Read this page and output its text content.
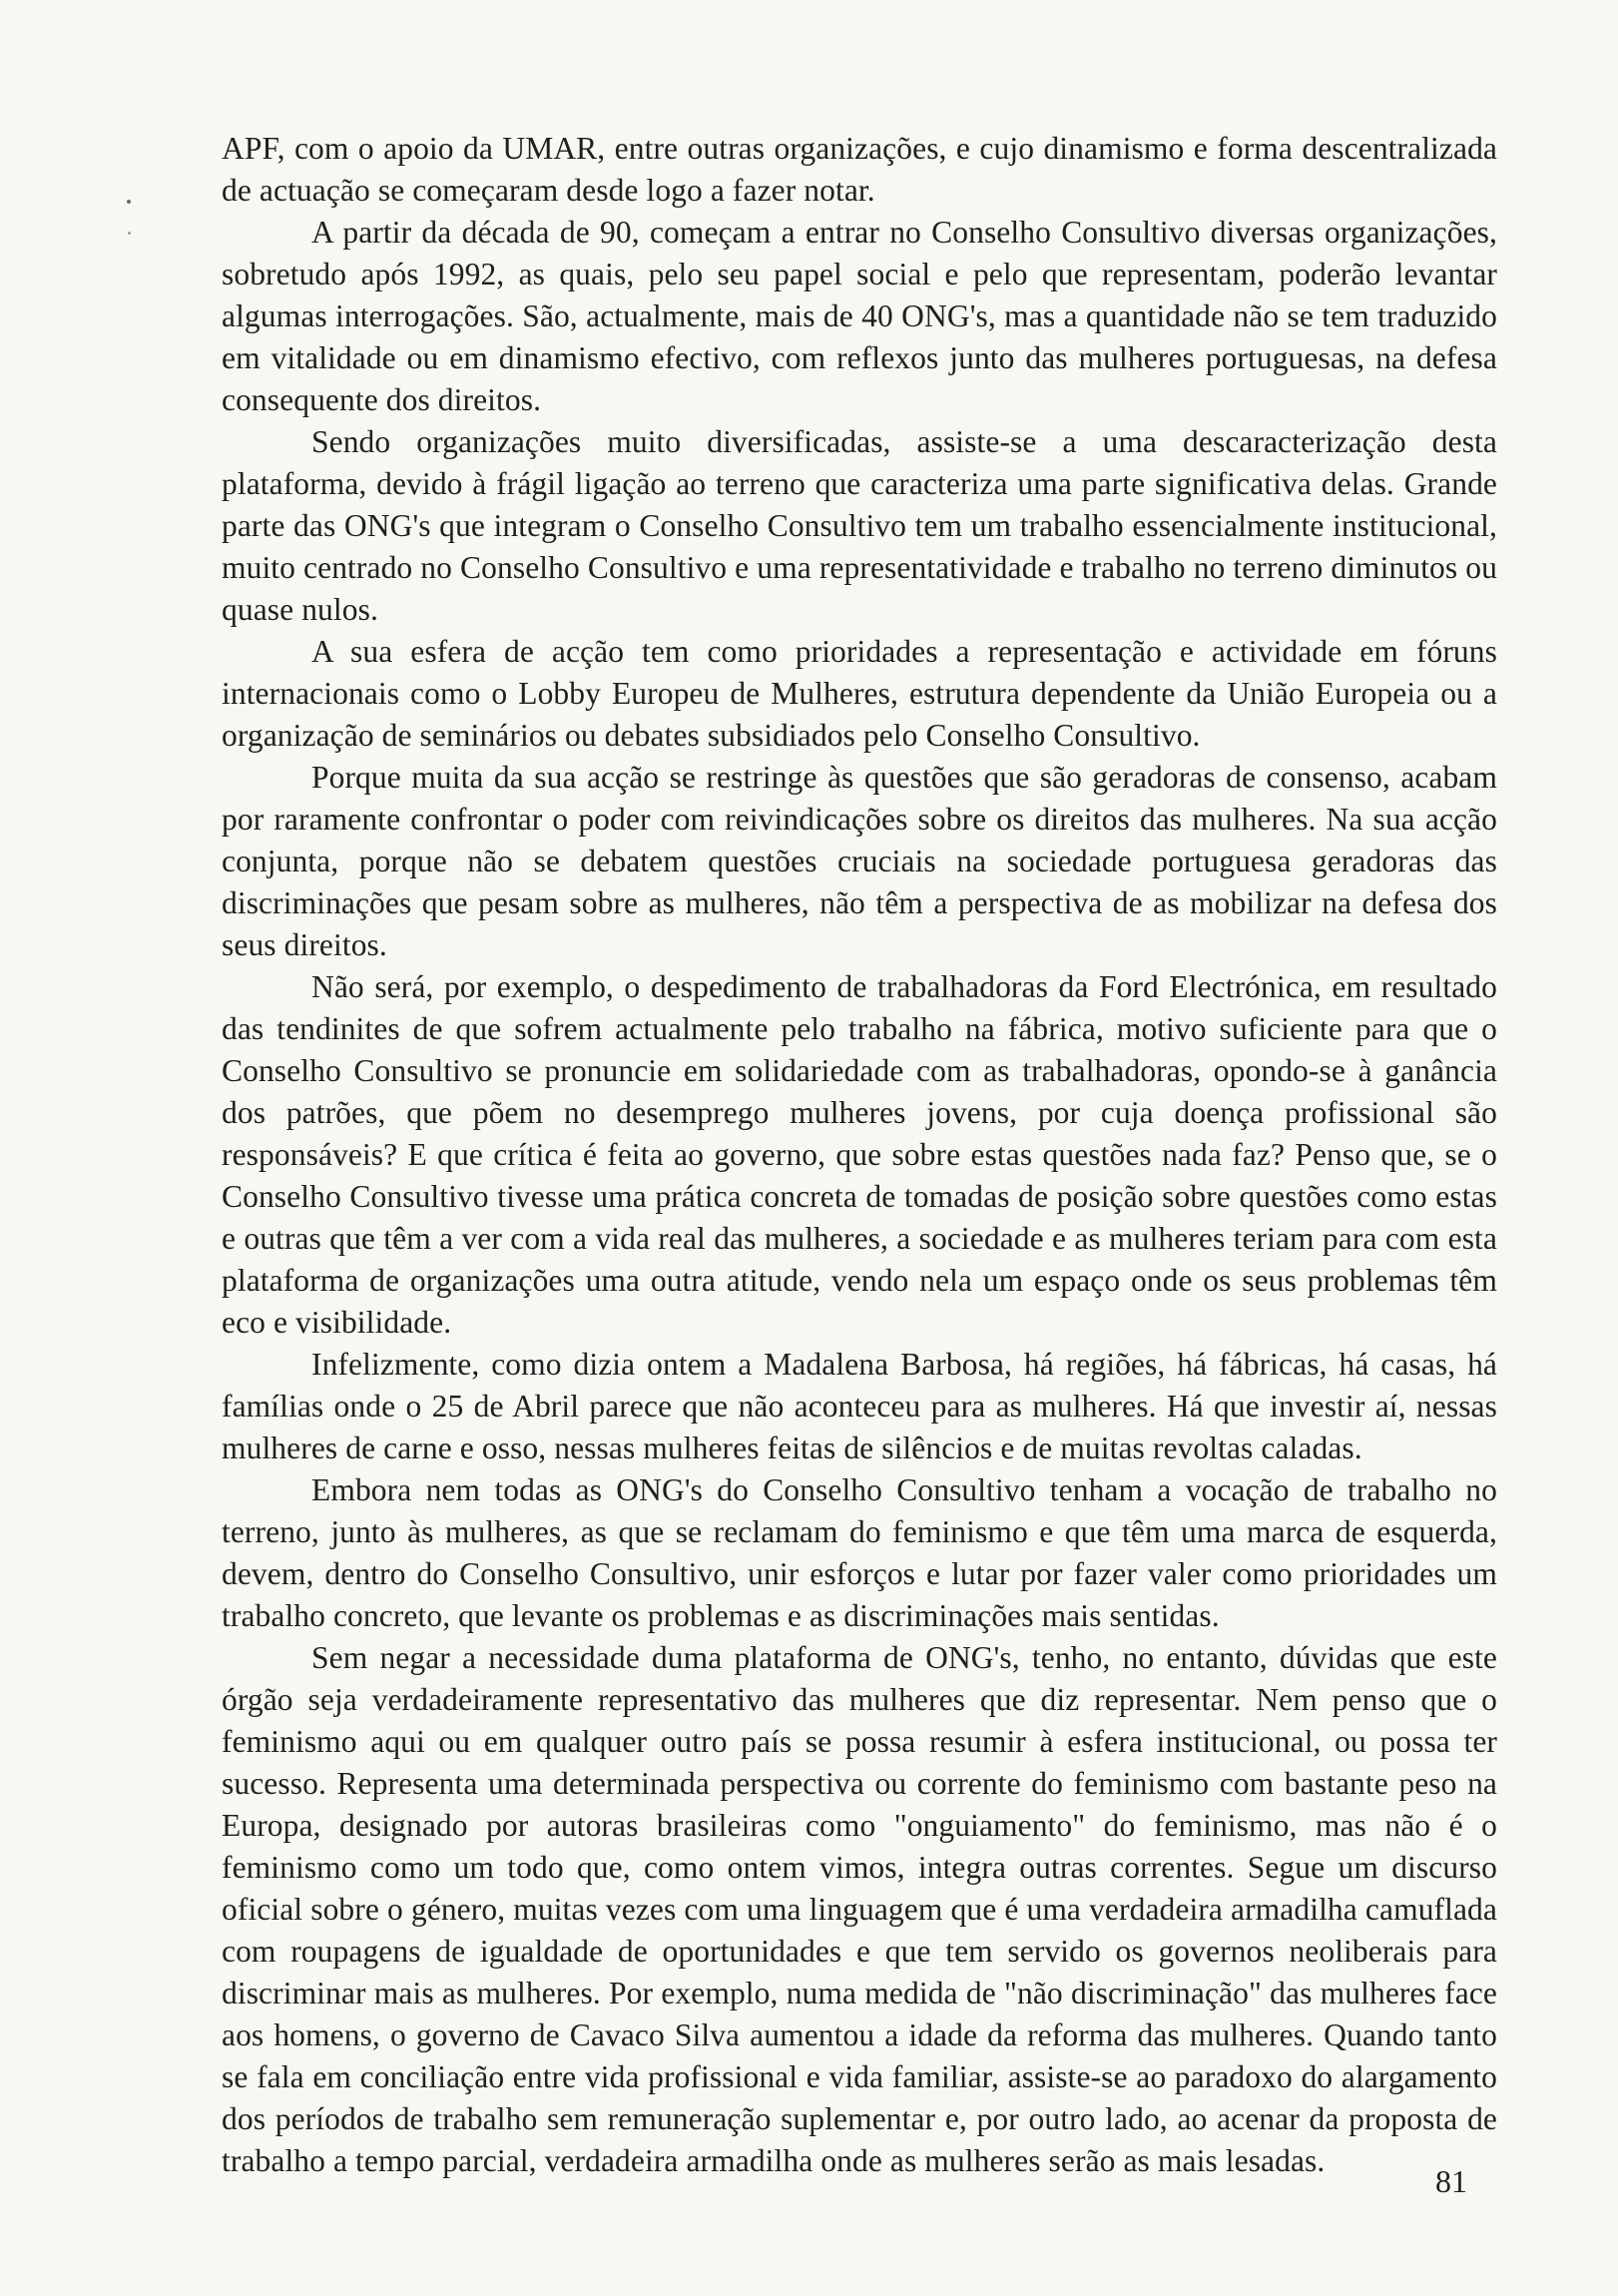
APF, com o apoio da UMAR, entre outras organizações, e cujo dinamismo e forma descentralizada de actuação se começaram desde logo a fazer notar.

A partir da década de 90, começam a entrar no Conselho Consultivo diversas organizações, sobretudo após 1992, as quais, pelo seu papel social e pelo que representam, poderão levantar algumas interrogações. São, actualmente, mais de 40 ONG's, mas a quantidade não se tem traduzido em vitalidade ou em dinamismo efectivo, com reflexos junto das mulheres portuguesas, na defesa consequente dos direitos.

Sendo organizações muito diversificadas, assiste-se a uma descaracterização desta plataforma, devido à frágil ligação ao terreno que caracteriza uma parte significativa delas. Grande parte das ONG's que integram o Conselho Consultivo tem um trabalho essencialmente institucional, muito centrado no Conselho Consultivo e uma representatividade e trabalho no terreno diminutos ou quase nulos.

A sua esfera de acção tem como prioridades a representação e actividade em fóruns internacionais como o Lobby Europeu de Mulheres, estrutura dependente da União Europeia ou a organização de seminários ou debates subsidiados pelo Conselho Consultivo.

Porque muita da sua acção se restringe às questões que são geradoras de consenso, acabam por raramente confrontar o poder com reivindicações sobre os direitos das mulheres. Na sua acção conjunta, porque não se debatem questões cruciais na sociedade portuguesa geradoras das discriminações que pesam sobre as mulheres, não têm a perspectiva de as mobilizar na defesa dos seus direitos.

Não será, por exemplo, o despedimento de trabalhadoras da Ford Electrónica, em resultado das tendinites de que sofrem actualmente pelo trabalho na fábrica, motivo suficiente para que o Conselho Consultivo se pronuncie em solidariedade com as trabalhadoras, opondo-se à ganância dos patrões, que põem no desemprego mulheres jovens, por cuja doença profissional são responsáveis? E que crítica é feita ao governo, que sobre estas questões nada faz? Penso que, se o Conselho Consultivo tivesse uma prática concreta de tomadas de posição sobre questões como estas e outras que têm a ver com a vida real das mulheres, a sociedade e as mulheres teriam para com esta plataforma de organizações uma outra atitude, vendo nela um espaço onde os seus problemas têm eco e visibilidade.

Infelizmente, como dizia ontem a Madalena Barbosa, há regiões, há fábricas, há casas, há famílias onde o 25 de Abril parece que não aconteceu para as mulheres. Há que investir aí, nessas mulheres de carne e osso, nessas mulheres feitas de silêncios e de muitas revoltas caladas.

Embora nem todas as ONG's do Conselho Consultivo tenham a vocação de trabalho no terreno, junto às mulheres, as que se reclamam do feminismo e que têm uma marca de esquerda, devem, dentro do Conselho Consultivo, unir esforços e lutar por fazer valer como prioridades um trabalho concreto, que levante os problemas e as discriminações mais sentidas.

Sem negar a necessidade duma plataforma de ONG's, tenho, no entanto, dúvidas que este órgão seja verdadeiramente representativo das mulheres que diz representar. Nem penso que o feminismo aqui ou em qualquer outro país se possa resumir à esfera institucional, ou possa ter sucesso. Representa uma determinada perspectiva ou corrente do feminismo com bastante peso na Europa, designado por autoras brasileiras como "onguiamento" do feminismo, mas não é o feminismo como um todo que, como ontem vimos, integra outras correntes. Segue um discurso oficial sobre o género, muitas vezes com uma linguagem que é uma verdadeira armadilha camuflada com roupagens de igualdade de oportunidades e que tem servido os governos neoliberais para discriminar mais as mulheres. Por exemplo, numa medida de "não discriminação" das mulheres face aos homens, o governo de Cavaco Silva aumentou a idade da reforma das mulheres. Quando tanto se fala em conciliação entre vida profissional e vida familiar, assiste-se ao paradoxo do alargamento dos períodos de trabalho sem remuneração suplementar e, por outro lado, ao acenar da proposta de trabalho a tempo parcial, verdadeira armadilha onde as mulheres serão as mais lesadas.

81
